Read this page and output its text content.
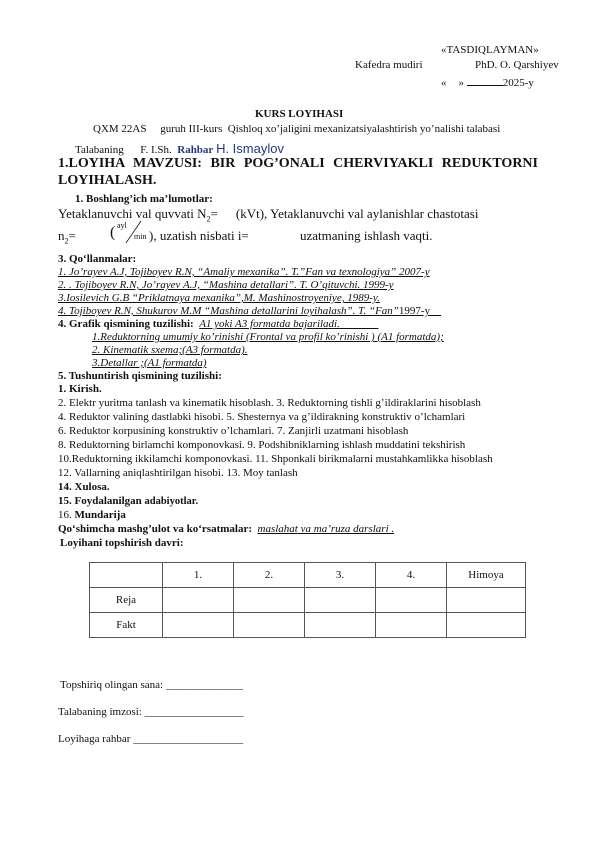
«TASDIQLAYMAN»
Kafedra mudiri	PhD. O. Qarshiyev
« »	2025-y
KURS LOYIHASI
QXM 22AS guruh III-kurs Qishloq xo’jaligini mexanizatsiyalashtirish yo’nalishi talabasi
Talabaning F. I.Sh. Rahbar H. Ismaylov
1.LOYIHA MAVZUSI: BIR POG’ONALI CHERVIYAKLI REDUKTORNI
LOYIHALASH.
1. Boshlang’ich ma’lumotlar:
Yetaklanuvchi val quvvati $N_2= (kVt)$, Yetaklanuvchi val aylanishlar chastotasi
$n_2=$ ( ayl
min ), uzatish nisbati i=	uzatmaning ishlash vaqti.
3. Qo‘llanmalar:
1. Jo’rayev A.J, Tojiboyev R.N, “Amaliy mexanika”. T.”Fan va texnologiya” 2007-y
2. . Tojiboyev R.N, Jo’rayev A.J, “Mashina detallari”. T. O’qituvchi. 1999-y
3.Iosilevich G.B “Priklatnaya mexanika”,M. Mashinostroyeniye, 1989-y.
4. Tojiboyev R.N, Shukurov M.M “Mashina detallarini loyihalash”. T. “Fan”1997-y
4. Grafik qismining tuzilishi: A1 yoki A3 formatda bajariladi.
1.Reduktorning umumiy ko’rinishi (Frontal va profil ko’rinishi ) (A1 formatda);
2. Kinematik sxema;(A3 formatda).
3.Detallar ;(A1 formatda)
5. Tushuntirish qismining tuzilishi:
1. Kirish.
2. Elektr yuritma tanlash va kinematik hisoblash. 3. Reduktorning tishli g’ildiraklarini hisoblash
4. Reduktor valining dastlabki hisobi. 5. Shesternya va g’ildirakning konstruktiv o’lchamlari
6. Reduktor korpusining konstruktiv o’lchamlari. 7. Zanjirli uzatmani hisoblash
8. Reduktorning birlamchi komponovkasi. 9. Podshibniklarning ishlash muddatini tekshirish
10.Reduktorning ikkilamchi komponovkasi. 11. Shponkali birikmalarni mustahkamlikka hisoblash
12. Vallarning aniqlashtirilgan hisobi. 13. Moy tanlash
14. Xulosa.
15. Foydalanilgan adabiyotlar.
16. Mundarija
Qo‘shimcha mashg’ulot va ko‘rsatmalar: maslahat va ma’ruza darslari .
Loyihani topshirish davri:
	1.	2.	3.	4.	Himoya
Reja					
Fakt					
Topshiriq olingan sana: ______________
Talabaning imzosi: __________________
Loyihaga rahbar ____________________
